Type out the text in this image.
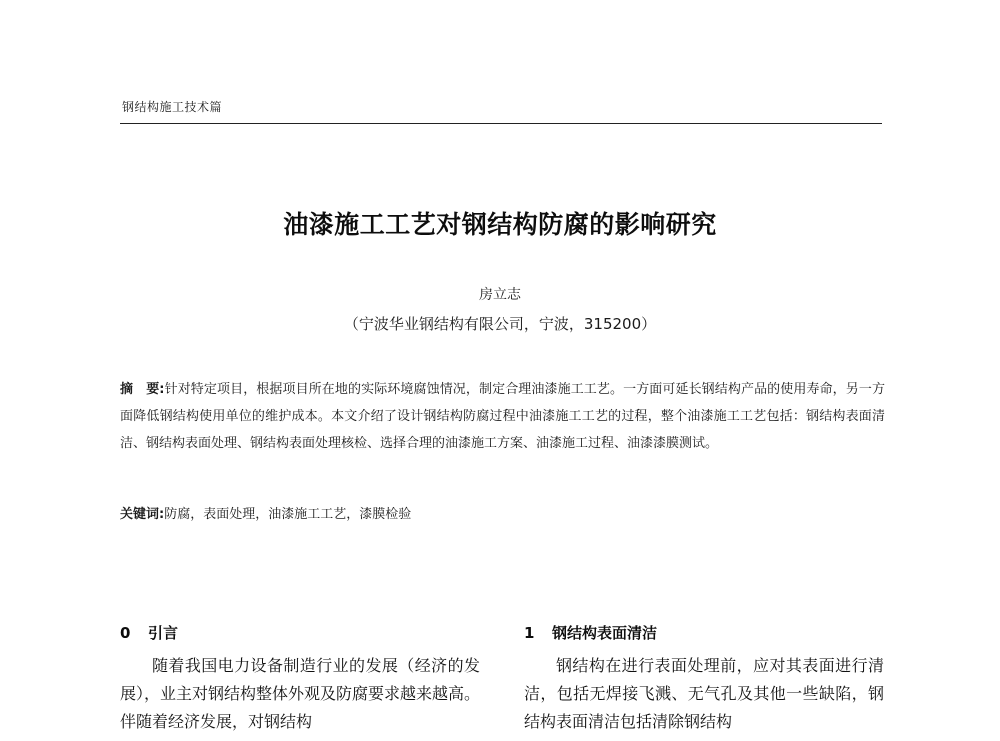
钢结构施工技术篇
油漆施工工艺对钢结构防腐的影响研究
房立志
（宁波华业钢结构有限公司，宁波，315200）
摘　要:针对特定项目，根据项目所在地的实际环境腐蚀情况，制定合理油漆施工工艺。一方面可延长钢结构产品的使用寿命，另一方面降低钢结构使用单位的维护成本。本文介绍了设计钢结构防腐过程中油漆施工工艺的过程，整个油漆施工工艺包括：钢结构表面清洁、钢结构表面处理、钢结构表面处理核检、选择合理的油漆施工方案、油漆施工过程、油漆漆膜测试。
关键词:防腐，表面处理，油漆施工工艺，漆膜检验
0 引言
随着我国电力设备制造行业的发展（经济的发展），业主对钢结构整体外观及防腐要求越来越高。伴随着经济发展，对钢结构
1 钢结构表面清洁
钢结构在进行表面处理前，应对其表面进行清洁，包括无焊接飞溅、无气孔及其他一些缺陷，钢结构表面清洁包括清除钢结构
